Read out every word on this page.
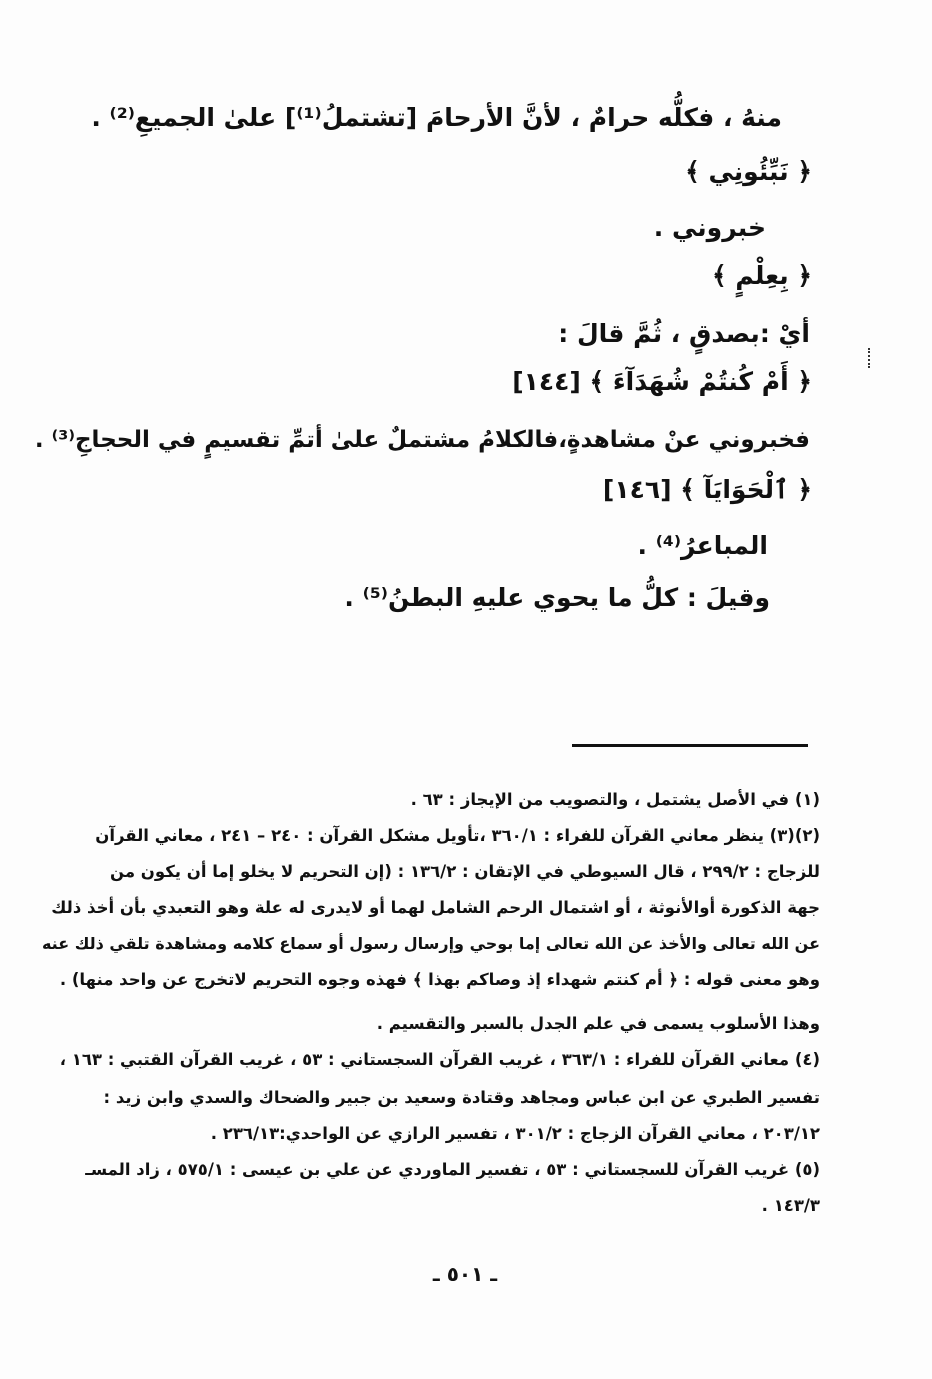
منهُ ، فكلُّه حرامٌ ، لأنَّ الأرحامَ [تشتملُ⁽¹⁾] علىٰ الجميعِ⁽²⁾ .
﴿ نَبِّئُونِي ﴾
خبروني .
﴿ بِعِلْمٍ ﴾
أيْ :بصدقٍ ، ثُمَّ قالَ :
﴿ أَمْ كُنتُمْ شُهَدَآءَ ﴾ [١٤٤]
فخبروني عنْ مشاهدةٍ،فالكلامُ مشتملٌ علىٰ أتمِّ تقسيمٍ في الحجاجِ⁽³⁾ .
﴿ ٱلْحَوَايَآ ﴾ [١٤٦]
المباعرُ⁽⁴⁾ .
وقيلَ : كلُّ ما يحوي عليهِ البطنُ⁽⁵⁾ .
(١) في الأصل يشتمل ، والتصويب من الإيجاز : ٦٣ .
(٢)(٣) ينظر معاني القرآن للفراء : ٣٦٠/١ ،تأويل مشكل القرآن : ٢٤٠ – ٢٤١ ، معاني القرآن
للزجاج : ٢٩٩/٢ ، قال السيوطي في الإتقان : ١٣٦/٢ : (إن التحريم لا يخلو إما أن يكون من
جهة الذكورة أوالأنوثة ، أو اشتمال الرحم الشامل لهما أو لايدرى له علة وهو التعبدي بأن أخذ ذلك
عن الله تعالى والأخذ عن الله تعالى إما بوحي وإرسال رسول أو سماع كلامه ومشاهدة تلقي ذلك عنه
وهو معنى قوله : ﴿ أم كنتم شهداء إذ وصاكم بهذا ﴾ فهذه وجوه التحريم لاتخرج عن واحد منها) .
وهذا الأسلوب يسمى في علم الجدل بالسبر والتقسيم .
(٤) معاني القرآن للفراء : ٣٦٣/١ ، غريب القرآن السجستاني : ٥٣ ، غريب القرآن القتبي : ١٦٣ ،
تفسير الطبري عن ابن عباس ومجاهد وقتادة وسعيد بن جبير والضحاك والسدي وابن زيد :
٢٠٣/١٢ ، معاني القرآن الزجاج : ٣٠١/٢ ، تفسير الرازي عن الواحدي:٢٣٦/١٣ .
(٥) غريب القرآن للسجستاني : ٥٣ ، تفسير الماوردي عن علي بن عيسى : ٥٧٥/١ ، زاد المسـ
١٤٣/٣ .
ـ ٥٠١ ـ
